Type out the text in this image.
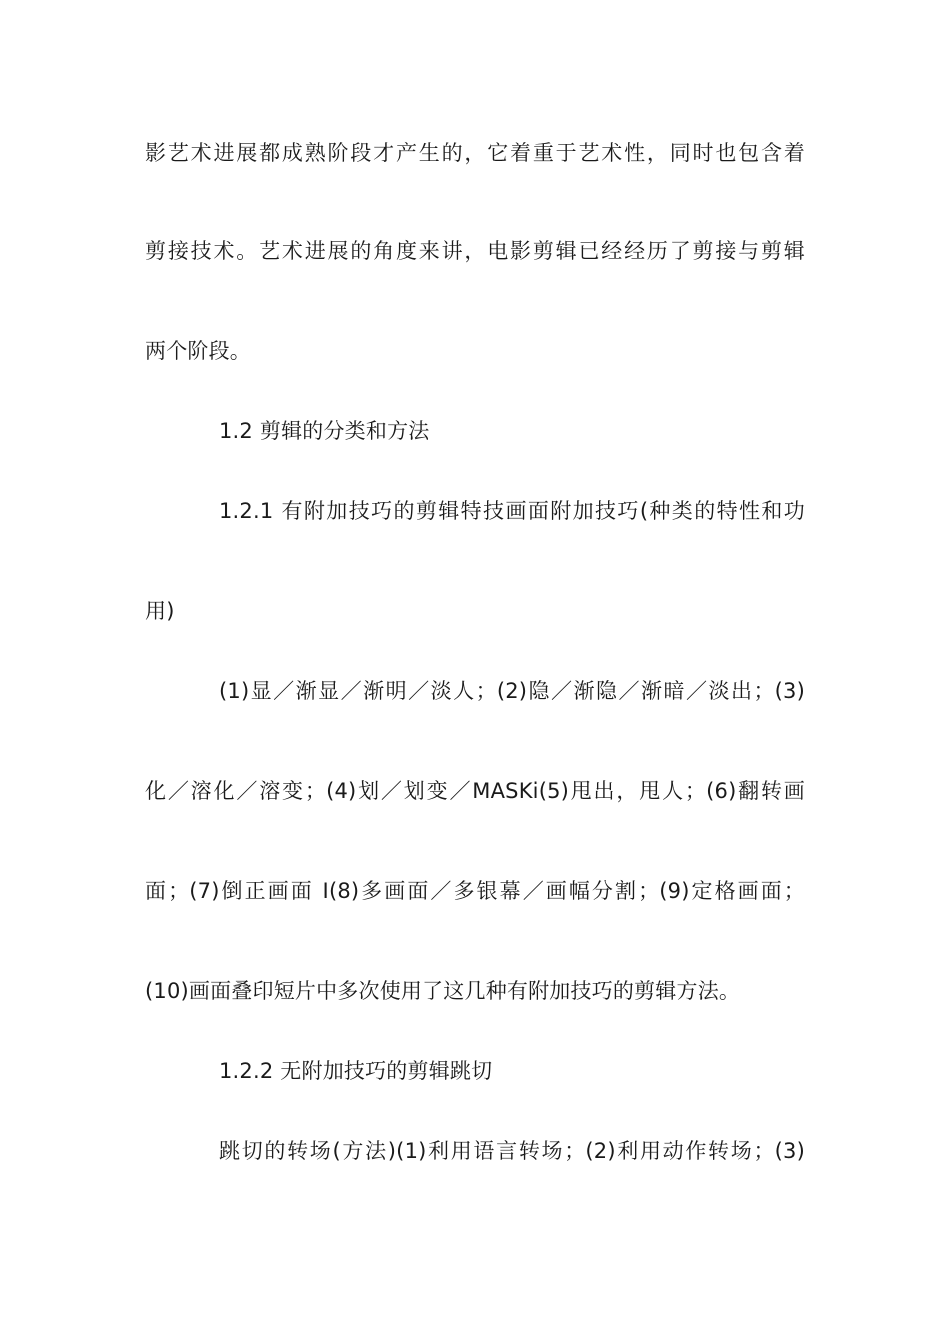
影艺术进展都成熟阶段才产生的，它着重于艺术性，同时也包含着
剪接技术。艺术进展的角度来讲，电影剪辑已经经历了剪接与剪辑
两个阶段。
1.2 剪辑的分类和方法
1.2.1 有附加技巧的剪辑特技画面附加技巧(种类的特性和功
用)
(1)显／渐显／渐明／淡人；(2)隐／渐隐／渐暗／淡出；(3)
化／溶化／溶变；(4)划／划变／MASKi(5)甩出，甩人；(6)翻转画
面；(7)倒正画面 I(8)多画面／多银幕／画幅分割；(9)定格画面；
(10)画面叠印短片中多次使用了这几种有附加技巧的剪辑方法。
1.2.2 无附加技巧的剪辑跳切
跳切的转场(方法)(1)利用语言转场；(2)利用动作转场；(3)
